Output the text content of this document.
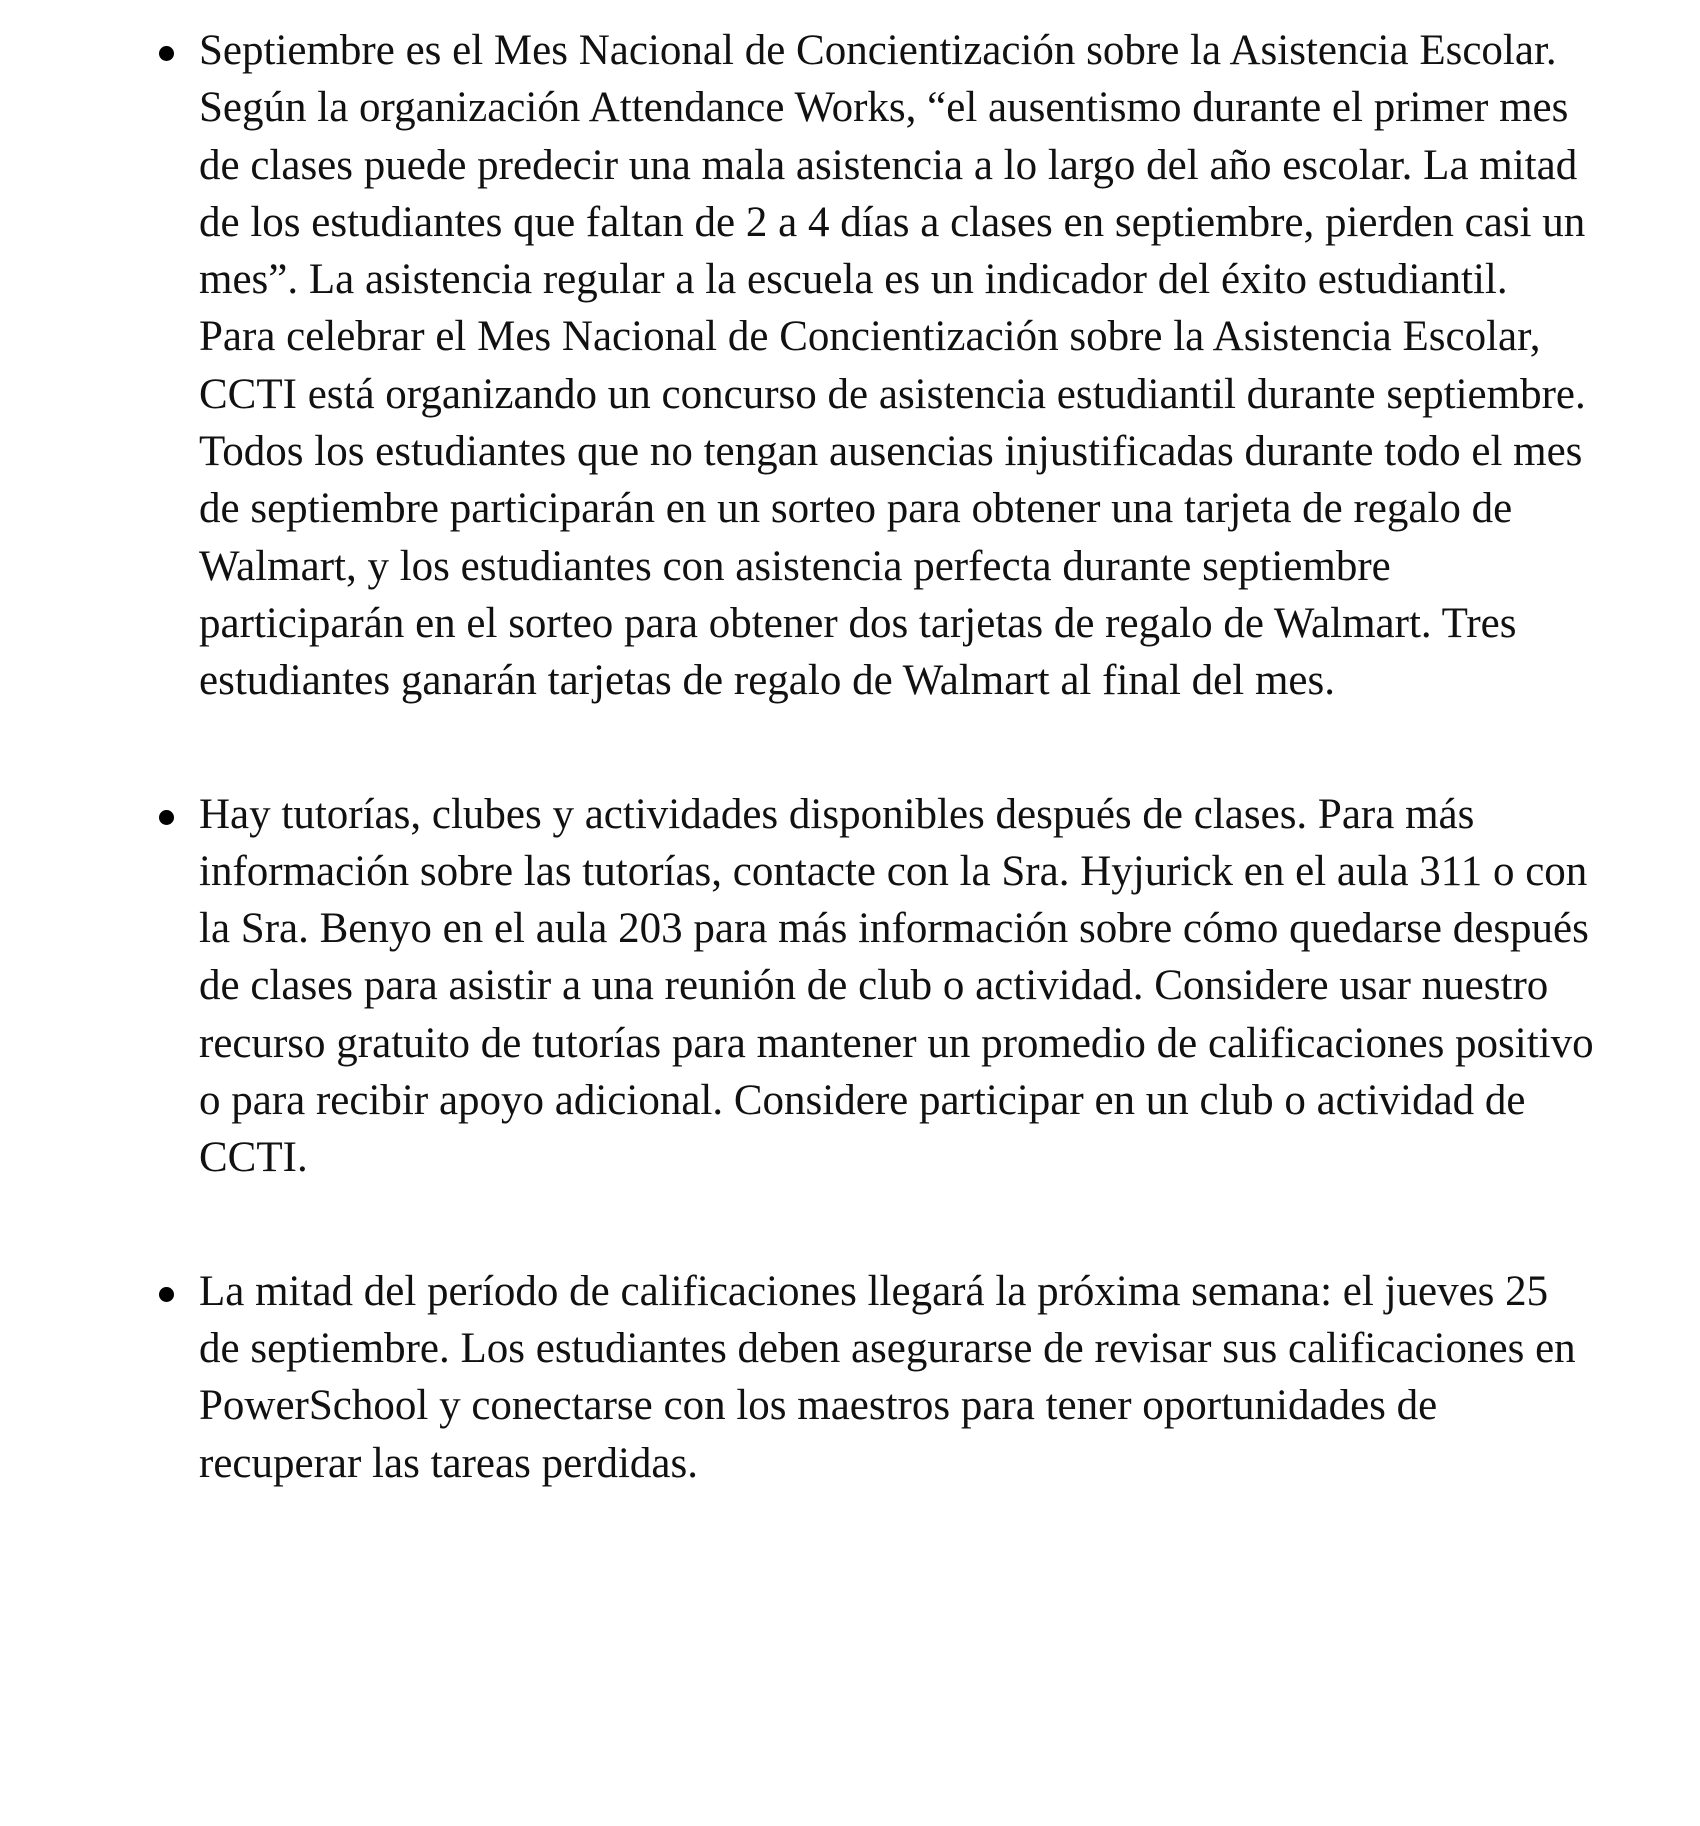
Septiembre es el Mes Nacional de Concientización sobre la Asistencia Escolar. Según la organización Attendance Works, “el ausentismo durante el primer mes de clases puede predecir una mala asistencia a lo largo del año escolar. La mitad de los estudiantes que faltan de 2 a 4 días a clases en septiembre, pierden casi un mes”. La asistencia regular a la escuela es un indicador del éxito estudiantil. Para celebrar el Mes Nacional de Concientización sobre la Asistencia Escolar, CCTI está organizando un concurso de asistencia estudiantil durante septiembre. Todos los estudiantes que no tengan ausencias injustificadas durante todo el mes de septiembre participarán en un sorteo para obtener una tarjeta de regalo de Walmart, y los estudiantes con asistencia perfecta durante septiembre participarán en el sorteo para obtener dos tarjetas de regalo de Walmart. Tres estudiantes ganarán tarjetas de regalo de Walmart al final del mes.

Hay tutorías, clubes y actividades disponibles después de clases. Para más información sobre las tutorías, contacte con la Sra. Hyjurick en el aula 311 o con la Sra. Benyo en el aula 203 para más información sobre cómo quedarse después de clases para asistir a una reunión de club o actividad. Considere usar nuestro recurso gratuito de tutorías para mantener un promedio de calificaciones positivo o para recibir apoyo adicional. Considere participar en un club o actividad de CCTI.

La mitad del período de calificaciones llegará la próxima semana: el jueves 25 de septiembre. Los estudiantes deben asegurarse de revisar sus calificaciones en PowerSchool y conectarse con los maestros para tener oportunidades de recuperar las tareas perdidas.
